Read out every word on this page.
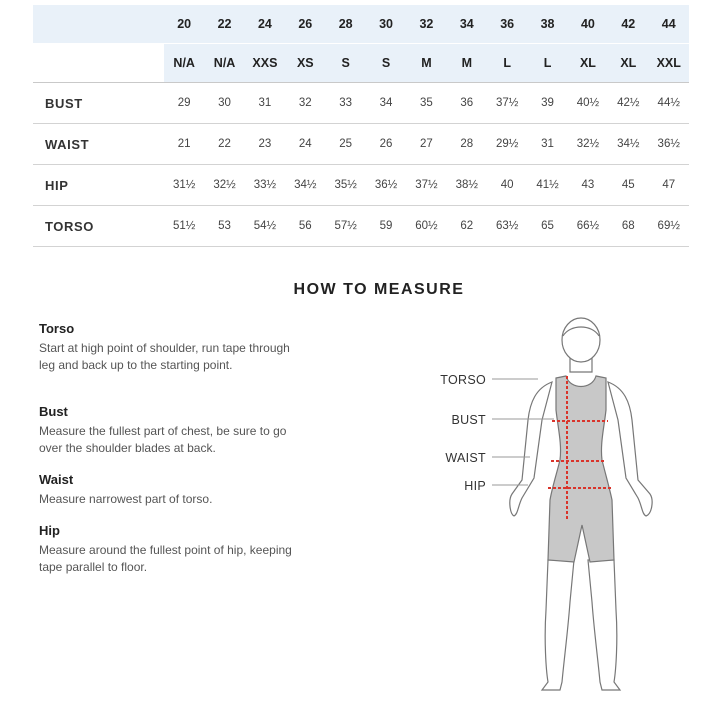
	20	22	24	26	28	30	32	34	36	38	40	42	44
	N/A	N/A	XXS	XS	S	S	M	M	L	L	XL	XL	XXL
BUST	29	30	31	32	33	34	35	36	37½	39	40½	42½	44½
WAIST	21	22	23	24	25	26	27	28	29½	31	32½	34½	36½
HIP	31½	32½	33½	34½	35½	36½	37½	38½	40	41½	43	45	47
TORSO	51½	53	54½	56	57½	59	60½	62	63½	65	66½	68	69½
HOW TO MEASURE
Torso

Start at high point of shoulder, run tape through leg and back up to the starting point.

Bust

Measure the fullest part of chest, be sure to go over the shoulder blades at back.

Waist

Measure narrowest part of torso.

Hip

Measure around the fullest point of hip, keeping tape parallel to floor.

TORSO
BUST
WAIST
HIP
